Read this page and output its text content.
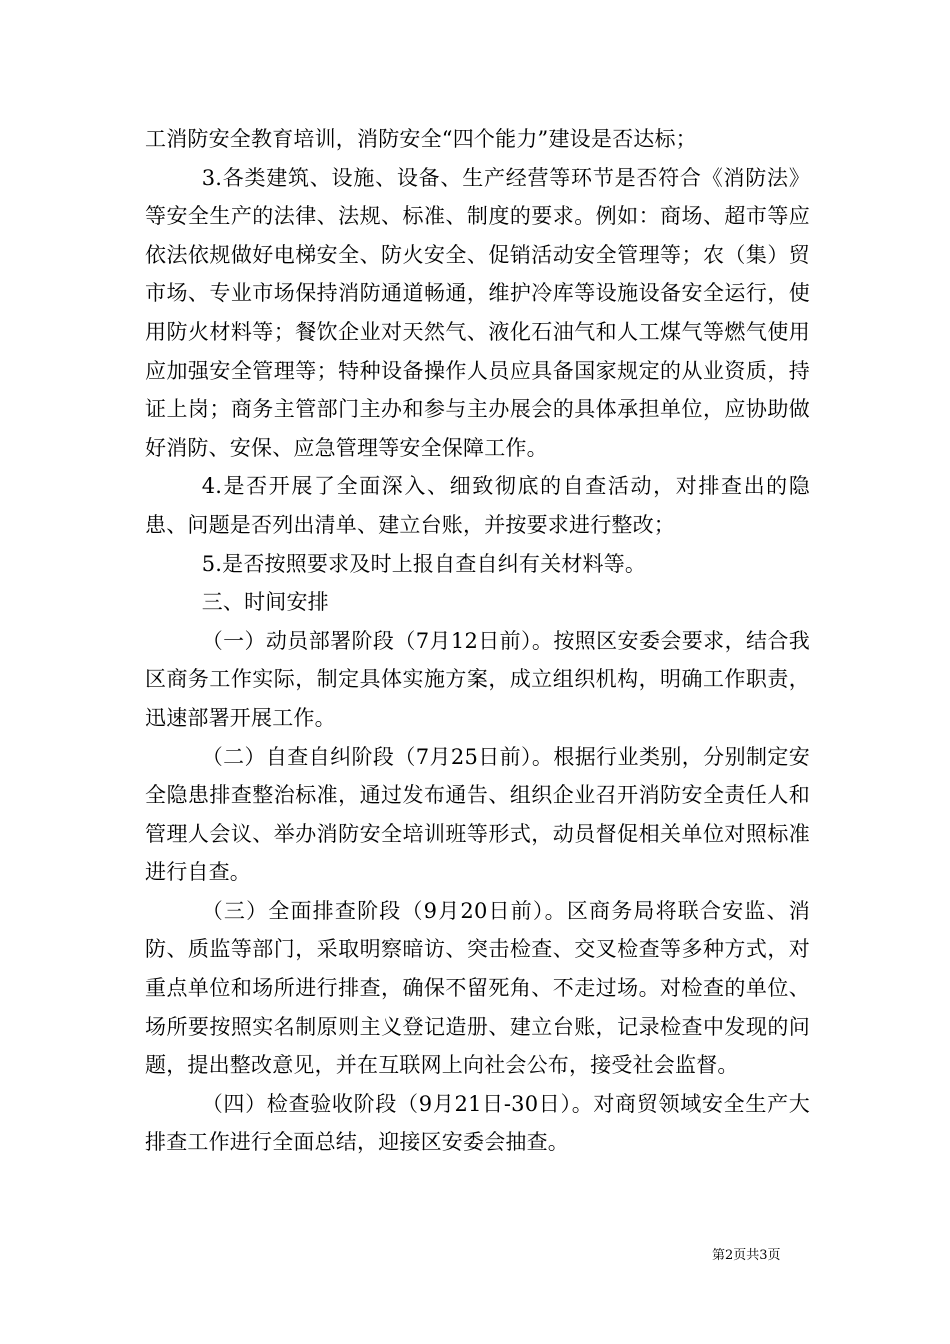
工消防安全教育培训，消防安全“四个能力”建设是否达标；

3.各类建筑、设施、设备、生产经营等环节是否符合《消防法》等安全生产的法律、法规、标准、制度的要求。例如：商场、超市等应依法依规做好电梯安全、防火安全、促销活动安全管理等；农（集）贸市场、专业市场保持消防通道畅通，维护冷库等设施设备安全运行，使用防火材料等；餐饮企业对天然气、液化石油气和人工煤气等燃气使用应加强安全管理等；特种设备操作人员应具备国家规定的从业资质，持证上岗；商务主管部门主办和参与主办展会的具体承担单位，应协助做好消防、安保、应急管理等安全保障工作。

4.是否开展了全面深入、细致彻底的自查活动，对排查出的隐患、问题是否列出清单、建立台账，并按要求进行整改；

5.是否按照要求及时上报自查自纠有关材料等。

三、时间安排

（一）动员部署阶段（7月12日前）。按照区安委会要求，结合我区商务工作实际，制定具体实施方案，成立组织机构，明确工作职责，迅速部署开展工作。

（二）自查自纠阶段（7月25日前）。根据行业类别，分别制定安全隐患排查整治标准，通过发布通告、组织企业召开消防安全责任人和管理人会议、举办消防安全培训班等形式，动员督促相关单位对照标准进行自查。

（三）全面排查阶段（9月20日前）。区商务局将联合安监、消防、质监等部门，采取明察暗访、突击检查、交叉检查等多种方式，对重点单位和场所进行排查，确保不留死角、不走过场。对检查的单位、场所要按照实名制原则主义登记造册、建立台账，记录检查中发现的问题，提出整改意见，并在互联网上向社会公布，接受社会监督。

（四）检查验收阶段（9月21日-30日）。对商贸领域安全生产大排查工作进行全面总结，迎接区安委会抽查。

第2页共3页
